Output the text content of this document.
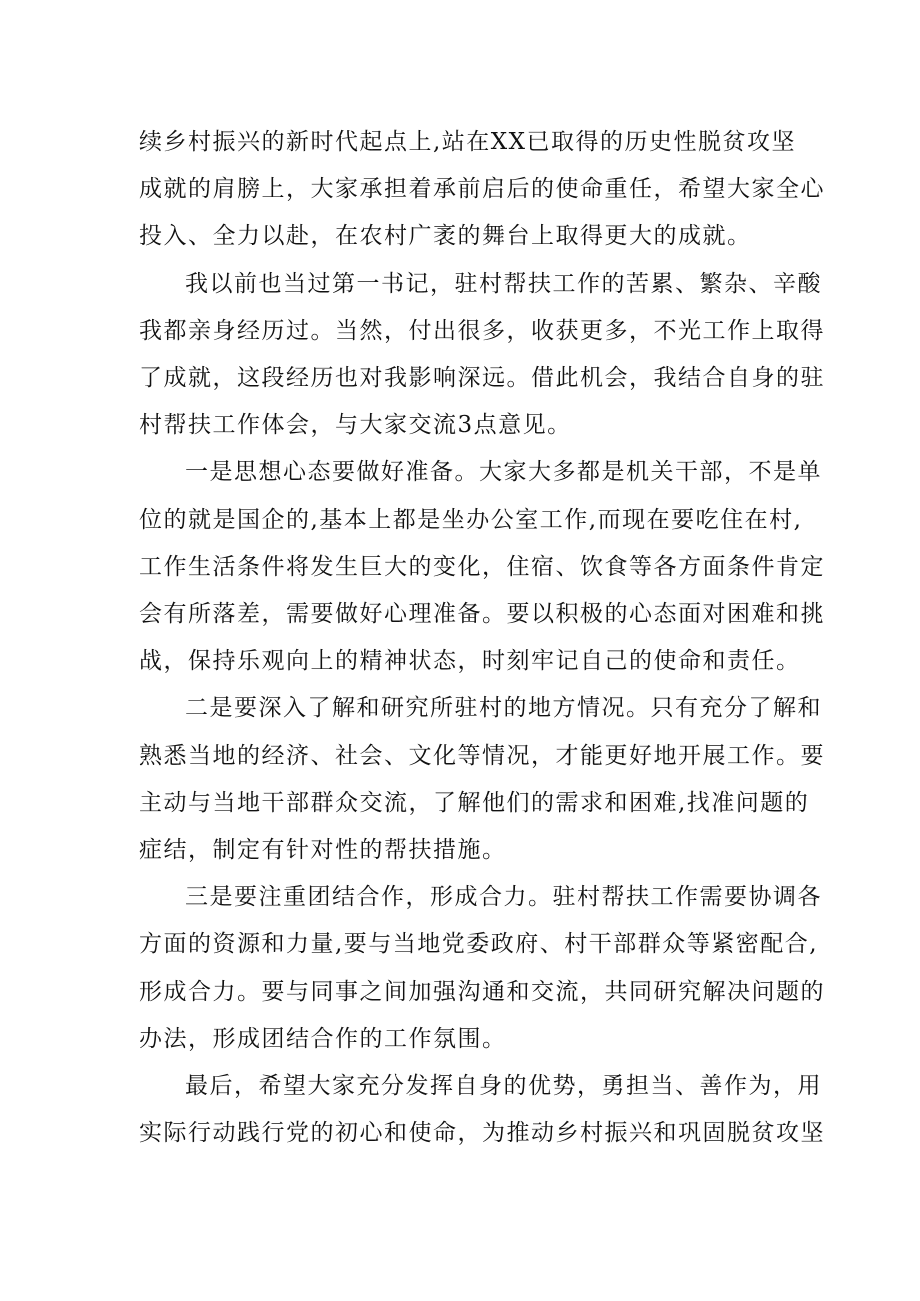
续乡村振兴的新时代起点上,站在XX已取得的历史性脱贫攻坚
成就的肩膀上，大家承担着承前启后的使命重任，希望大家全心
投入、全力以赴，在农村广袤的舞台上取得更大的成就。
我以前也当过第一书记，驻村帮扶工作的苦累、繁杂、辛酸
我都亲身经历过。当然，付出很多，收获更多，不光工作上取得
了成就，这段经历也对我影响深远。借此机会，我结合自身的驻
村帮扶工作体会，与大家交流3点意见。
一是思想心态要做好准备。大家大多都是机关干部，不是单
位的就是国企的,基本上都是坐办公室工作,而现在要吃住在村,
工作生活条件将发生巨大的变化，住宿、饮食等各方面条件肯定
会有所落差，需要做好心理准备。要以积极的心态面对困难和挑
战，保持乐观向上的精神状态，时刻牢记自己的使命和责任。
二是要深入了解和研究所驻村的地方情况。只有充分了解和
熟悉当地的经济、社会、文化等情况，才能更好地开展工作。要
主动与当地干部群众交流，了解他们的需求和困难,找准问题的
症结，制定有针对性的帮扶措施。
三是要注重团结合作，形成合力。驻村帮扶工作需要协调各
方面的资源和力量,要与当地党委政府、村干部群众等紧密配合,
形成合力。要与同事之间加强沟通和交流，共同研究解决问题的
办法，形成团结合作的工作氛围。
最后，希望大家充分发挥自身的优势，勇担当、善作为，用
实际行动践行党的初心和使命，为推动乡村振兴和巩固脱贫攻坚
